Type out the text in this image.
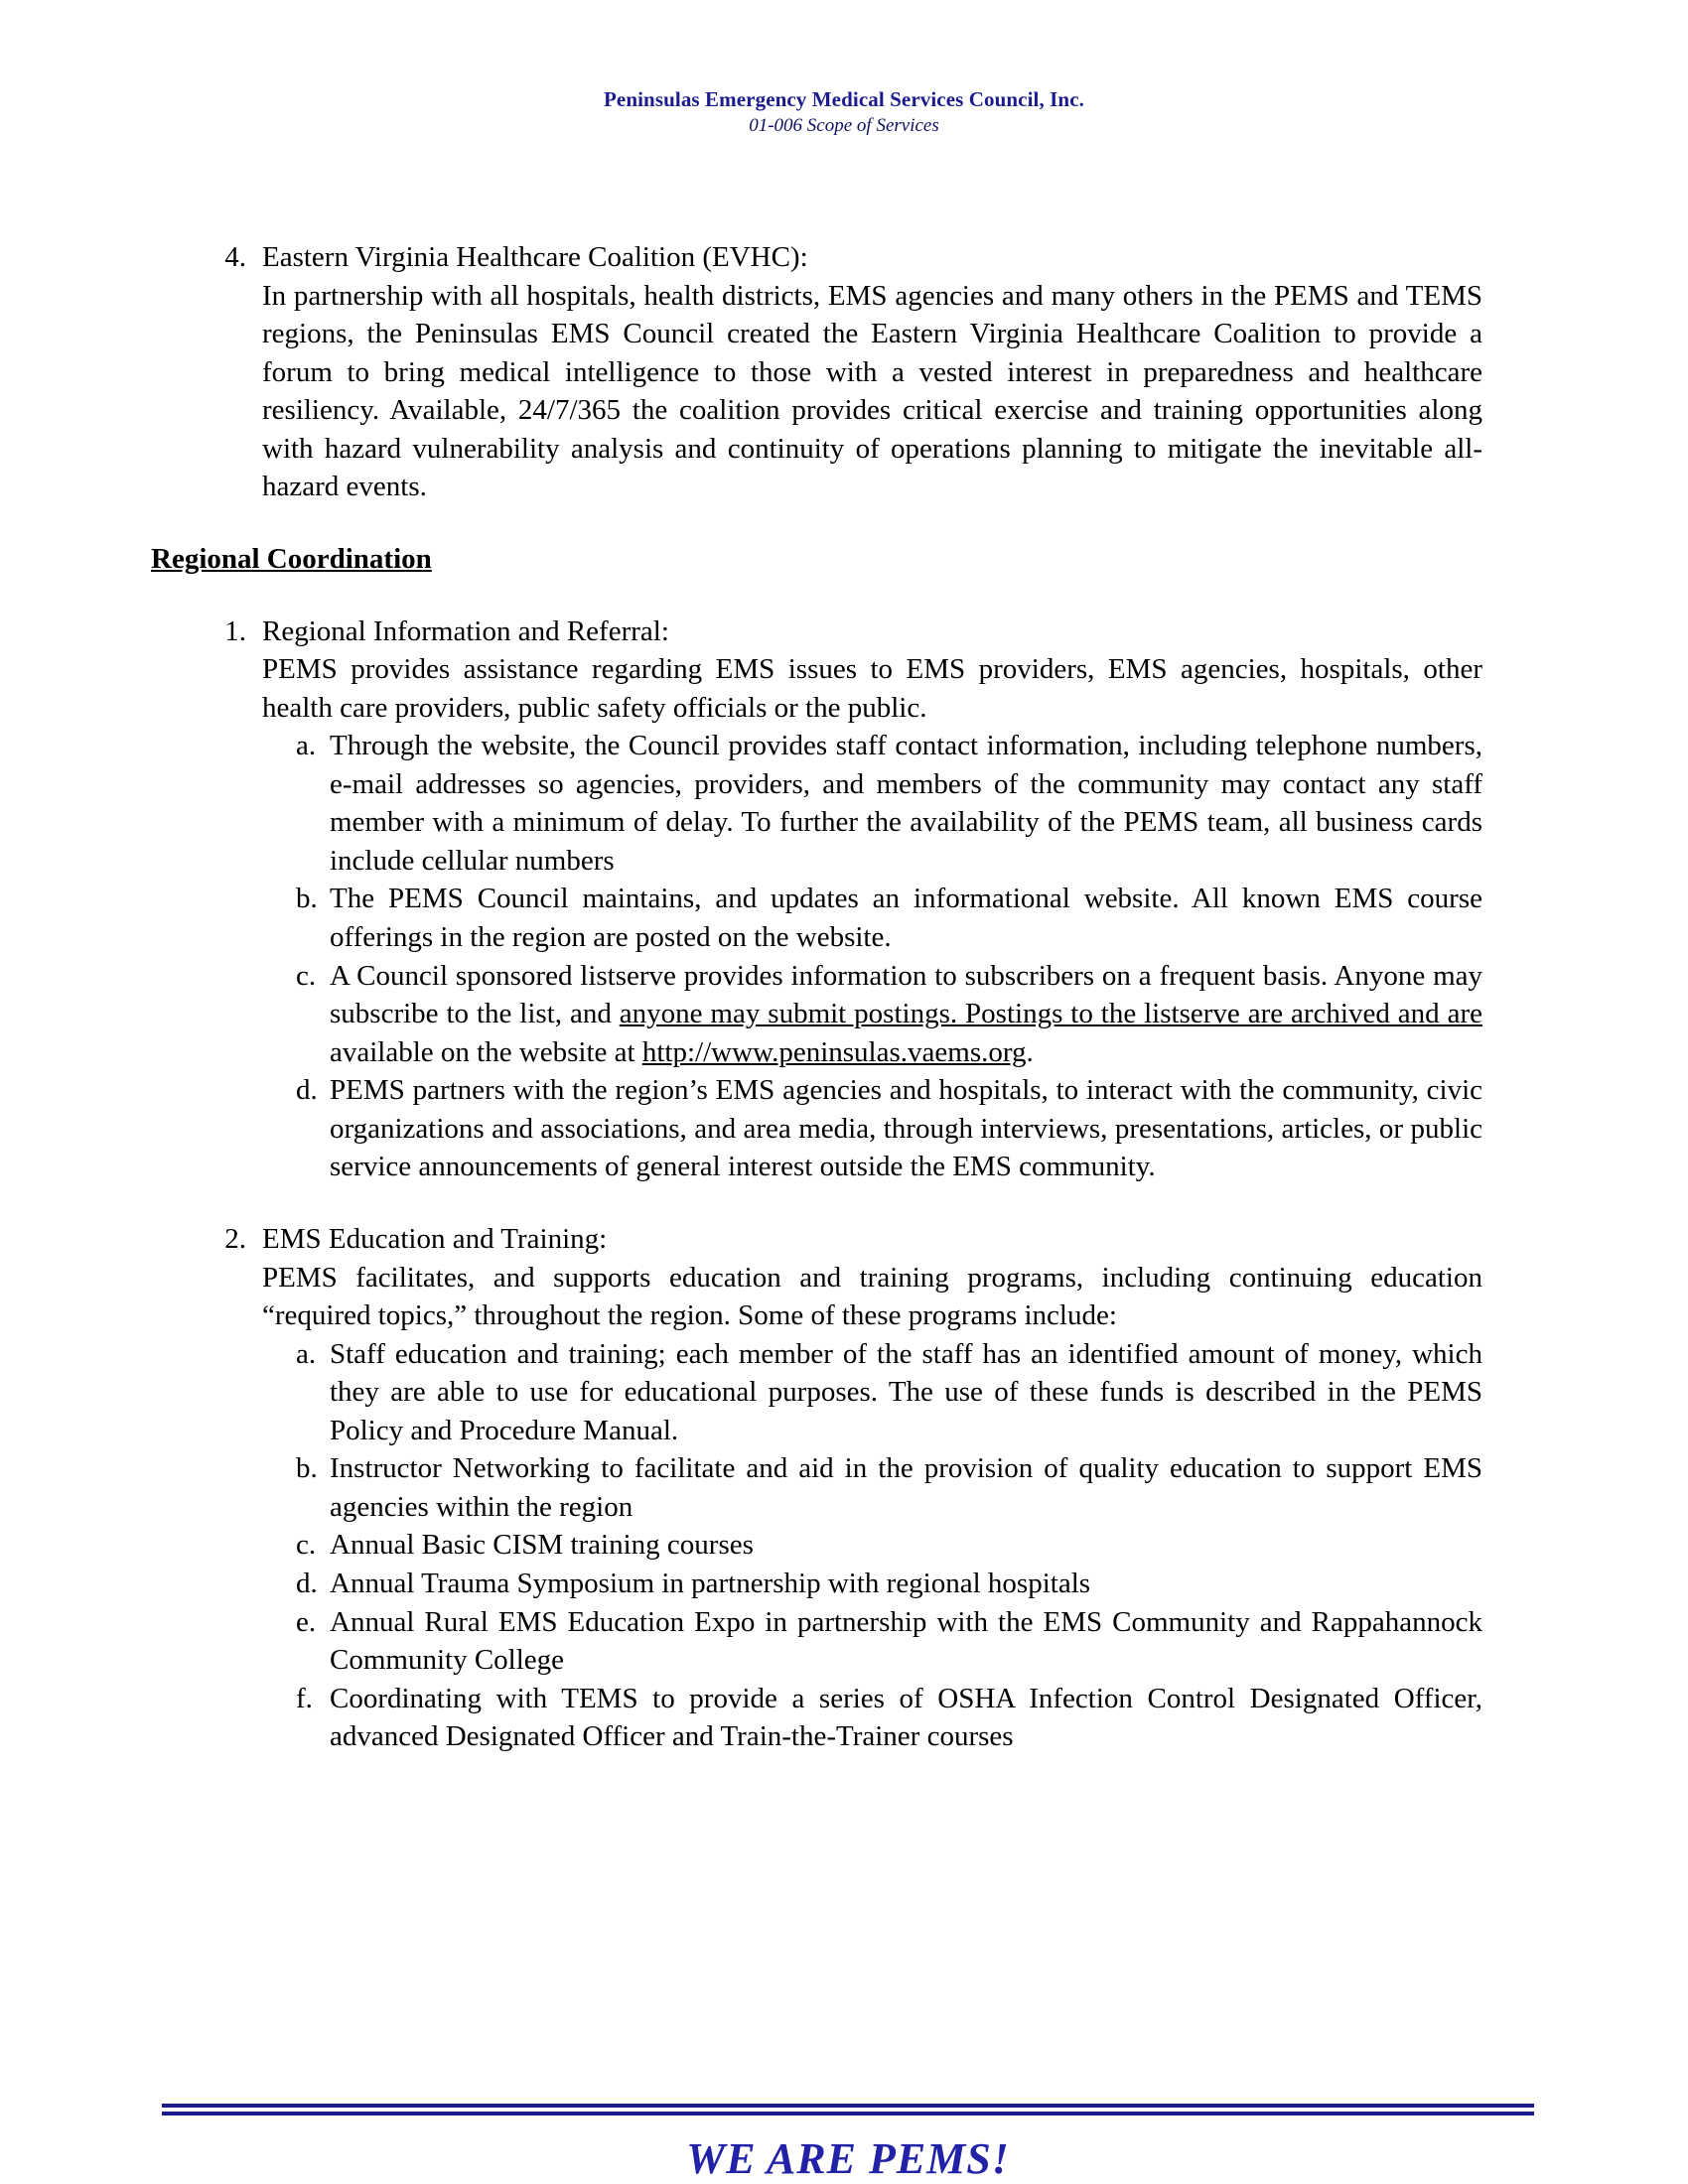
Peninsulas Emergency Medical Services Council, Inc.
01-006 Scope of Services
4. Eastern Virginia Healthcare Coalition (EVHC):
In partnership with all hospitals, health districts, EMS agencies and many others in the PEMS and TEMS regions, the Peninsulas EMS Council created the Eastern Virginia Healthcare Coalition to provide a forum to bring medical intelligence to those with a vested interest in preparedness and healthcare resiliency. Available, 24/7/365 the coalition provides critical exercise and training opportunities along with hazard vulnerability analysis and continuity of operations planning to mitigate the inevitable all-hazard events.
Regional Coordination
1. Regional Information and Referral:
PEMS provides assistance regarding EMS issues to EMS providers, EMS agencies, hospitals, other health care providers, public safety officials or the public.
a. Through the website, the Council provides staff contact information, including telephone numbers, e-mail addresses so agencies, providers, and members of the community may contact any staff member with a minimum of delay. To further the availability of the PEMS team, all business cards include cellular numbers
b. The PEMS Council maintains, and updates an informational website. All known EMS course offerings in the region are posted on the website.
c. A Council sponsored listserve provides information to subscribers on a frequent basis. Anyone may subscribe to the list, and anyone may submit postings. Postings to the listserve are archived and are available on the website at http://www.peninsulas.vaems.org.
d. PEMS partners with the region’s EMS agencies and hospitals, to interact with the community, civic organizations and associations, and area media, through interviews, presentations, articles, or public service announcements of general interest outside the EMS community.
2. EMS Education and Training:
PEMS facilitates, and supports education and training programs, including continuing education “required topics,” throughout the region. Some of these programs include:
a. Staff education and training; each member of the staff has an identified amount of money, which they are able to use for educational purposes. The use of these funds is described in the PEMS Policy and Procedure Manual.
b. Instructor Networking to facilitate and aid in the provision of quality education to support EMS agencies within the region
c. Annual Basic CISM training courses
d. Annual Trauma Symposium in partnership with regional hospitals
e. Annual Rural EMS Education Expo in partnership with the EMS Community and Rappahannock Community College
f. Coordinating with TEMS to provide a series of OSHA Infection Control Designated Officer, advanced Designated Officer and Train-the-Trainer courses
WE ARE PEMS!
